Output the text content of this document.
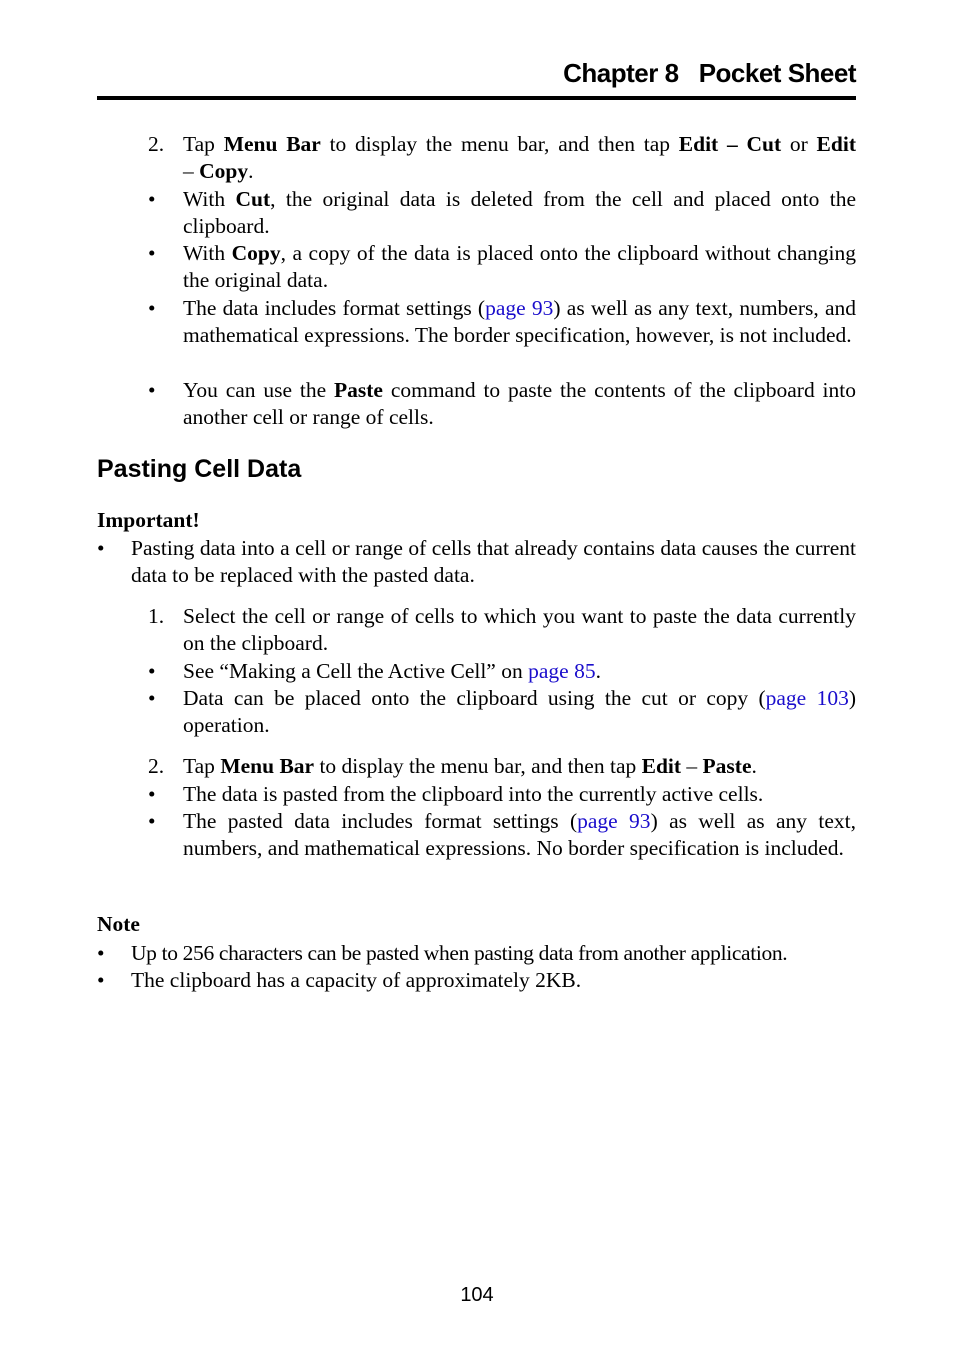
Chapter 8 Pocket Sheet
2. Tap Menu Bar to display the menu bar, and then tap Edit – Cut or Edit
– Copy.
• With Cut, the original data is deleted from the cell and placed onto the clipboard.
• With Copy, a copy of the data is placed onto the clipboard without changing the original data.
• The data includes format settings (page 93) as well as any text, numbers, and mathematical expressions. The border specification, however, is not included.
• You can use the Paste command to paste the contents of the clipboard into another cell or range of cells.
Pasting Cell Data
Important!
• Pasting data into a cell or range of cells that already contains data causes the current data to be replaced with the pasted data.
1. Select the cell or range of cells to which you want to paste the data currently on the clipboard.
• See “Making a Cell the Active Cell” on page 85.
• Data can be placed onto the clipboard using the cut or copy (page 103) operation.
2. Tap Menu Bar to display the menu bar, and then tap Edit – Paste.
• The data is pasted from the clipboard into the currently active cells.
• The pasted data includes format settings (page 93) as well as any text, numbers, and mathematical expressions. No border specification is included.
Note
• Up to 256 characters can be pasted when pasting data from another application.
• The clipboard has a capacity of approximately 2KB.
104
